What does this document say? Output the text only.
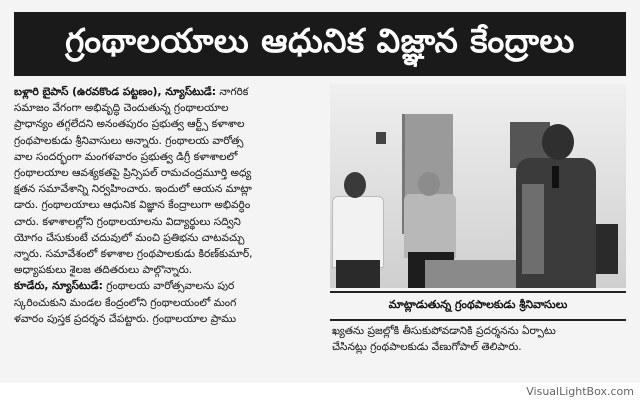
గ్రంథాలయాలు ఆధునిక విజ్ఞాన కేంద్రాలు

బళ్లారి బైపాస్ (ఉరవకొండ పట్టణం), న్యూస్‌టుడే: నాగరిక

సమాజం వేగంగా అభివృద్ధి చెందుతున్న గ్రంథాలయాల

ప్రాధాన్యం తగ్గలేదని అనంతపురం ప్రభుత్వ ఆర్ట్స్ కళాశాల

గ్రంథపాలకుడు శ్రీనివాసులు అన్నారు. గ్రంథాలయ వారోత్స

వాల సందర్భంగా మంగళవారం ప్రభుత్వ డిగ్రీ కళాశాలలో

గ్రంథాలయాల ఆవశ్యకతపై ప్రిన్సిపల్ రామచంద్రమూర్తి అధ్య

క్షతన సమావేశాన్ని నిర్వహించారు. ఇందులో ఆయన మాట్లా

డారు. గ్రంథాలయాలు ఆధునిక విజ్ఞాన కేంద్రాలుగా అభివర్ధిం

చారు. కళాశాలల్లోని గ్రంథాలయాలను విద్యార్థులు సద్విని

యోగం చేసుకుంటే చదువులో మంచి ప్రతిభను చాటవచ్చు

న్నారు. సమావేశంలో కళాశాల గ్రంథపాలకుడు కిరణ్‌కుమార్,

అధ్యాపకులు శైలజ తదితరులు పాల్గొన్నారు.

కూడేరు, న్యూస్‌టుడే: గ్రంథాలయ వారోత్సవాలను పుర

స్కరించుకుని మండల కేంద్రంలోని గ్రంథాలయంలో మంగ

ళవారం పుస్తక ప్రదర్శన చేపట్టారు. గ్రంథాలయాల ప్రాము

మాట్లాడుతున్న గ్రంథపాలకుడు శ్రీనివాసులు

ఖ్యతను ప్రజల్లోకి తీసుకుపోవడానికి ప్రదర్శనను ఏర్పాటు

చేసినట్లు గ్రంథపాలకుడు వేణుగోపాల్ తెలిపారు.

VisualLightBox.com
